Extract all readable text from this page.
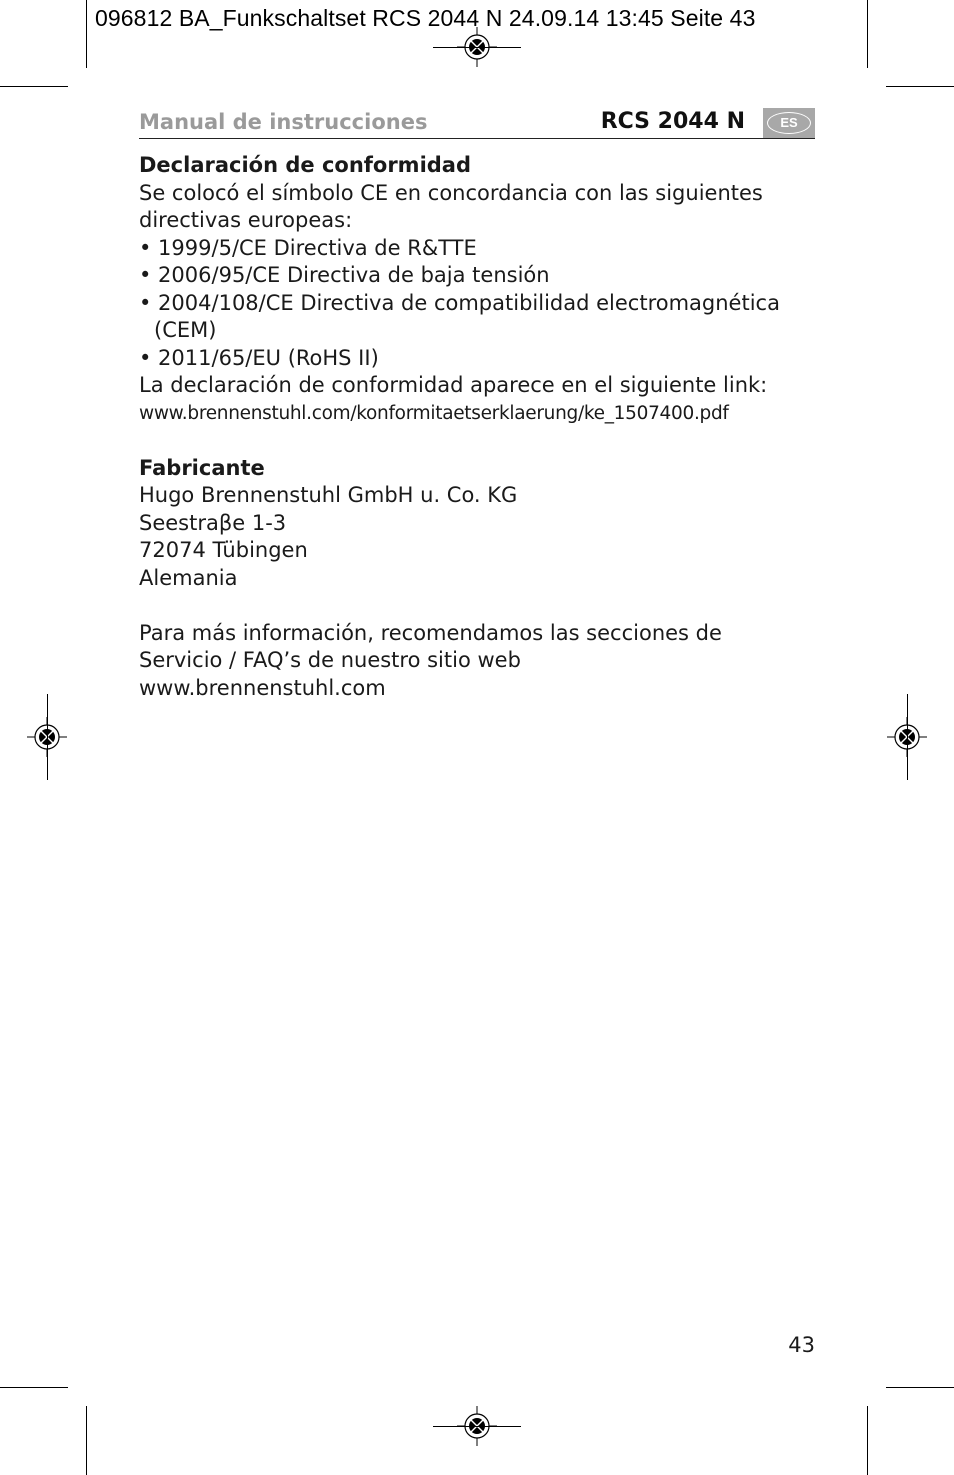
096812 BA_Funkschaltset RCS 2044 N 24.09.14 13:45 Seite 43
Manual de instrucciones	RCS 2044 N	ES

Declaración de conformidad

Se colocó el símbolo CE en concordancia con las siguientes directivas europeas:

• 1999/5/CE Directiva de R&TTE

• 2006/95/CE Directiva de baja tensión

• 2004/108/CE Directiva de compatibilidad electromagnética (CEM)

• 2011/65/EU (RoHS II)

La declaración de conformidad aparece en el siguiente link:

www.brennenstuhl.com/konformitaetserklaerung/ke_1507400.pdf

Fabricante

Hugo Brennenstuhl GmbH u. Co. KG

Seestraβe 1-3

72074 Tübingen

Alemania

Para más información, recomendamos las secciones de

Servicio / FAQ’s de nuestro sitio web

www.brennenstuhl.com

43
